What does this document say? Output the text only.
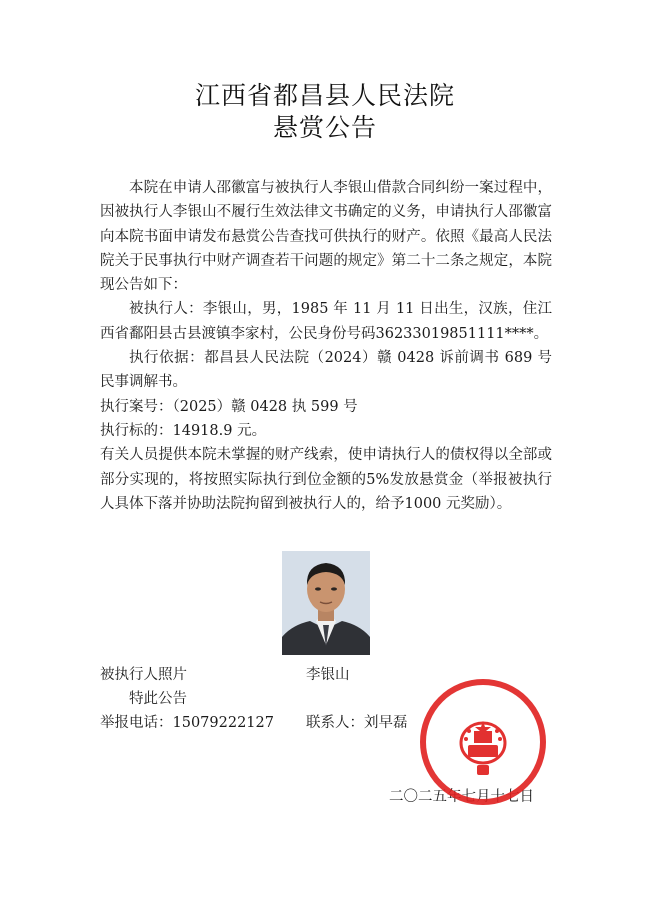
江西省都昌县人民法院
悬赏公告

本院在申请人邵徽富与被执行人李银山借款合同纠纷一案过程中，因被执行人李银山不履行生效法律文书确定的义务，申请执行人邵徽富向本院书面申请发布悬赏公告查找可供执行的财产。依照《最高人民法院关于民事执行中财产调查若干问题的规定》第二十二条之规定，本院现公告如下：

被执行人：李银山，男，1985 年 11 月 11 日出生，汉族，住江西省鄱阳县古县渡镇李家村，公民身份号码36233019851111****。

执行依据：都昌县人民法院（2024）赣 0428 诉前调书 689 号民事调解书。

执行案号：（2025）赣 0428 执 599 号

执行标的：14918.9 元。

有关人员提供本院未掌握的财产线索，使申请执行人的债权得以全部或部分实现的，将按照实际执行到位金额的5%发放悬赏金（举报被执行人具体下落并协助法院拘留到被执行人的，给予1000 元奖励）。

被执行人照片	李银山
特此公告
举报电话：15079222127 联系人：刘早磊
二〇二五年七月十七日
